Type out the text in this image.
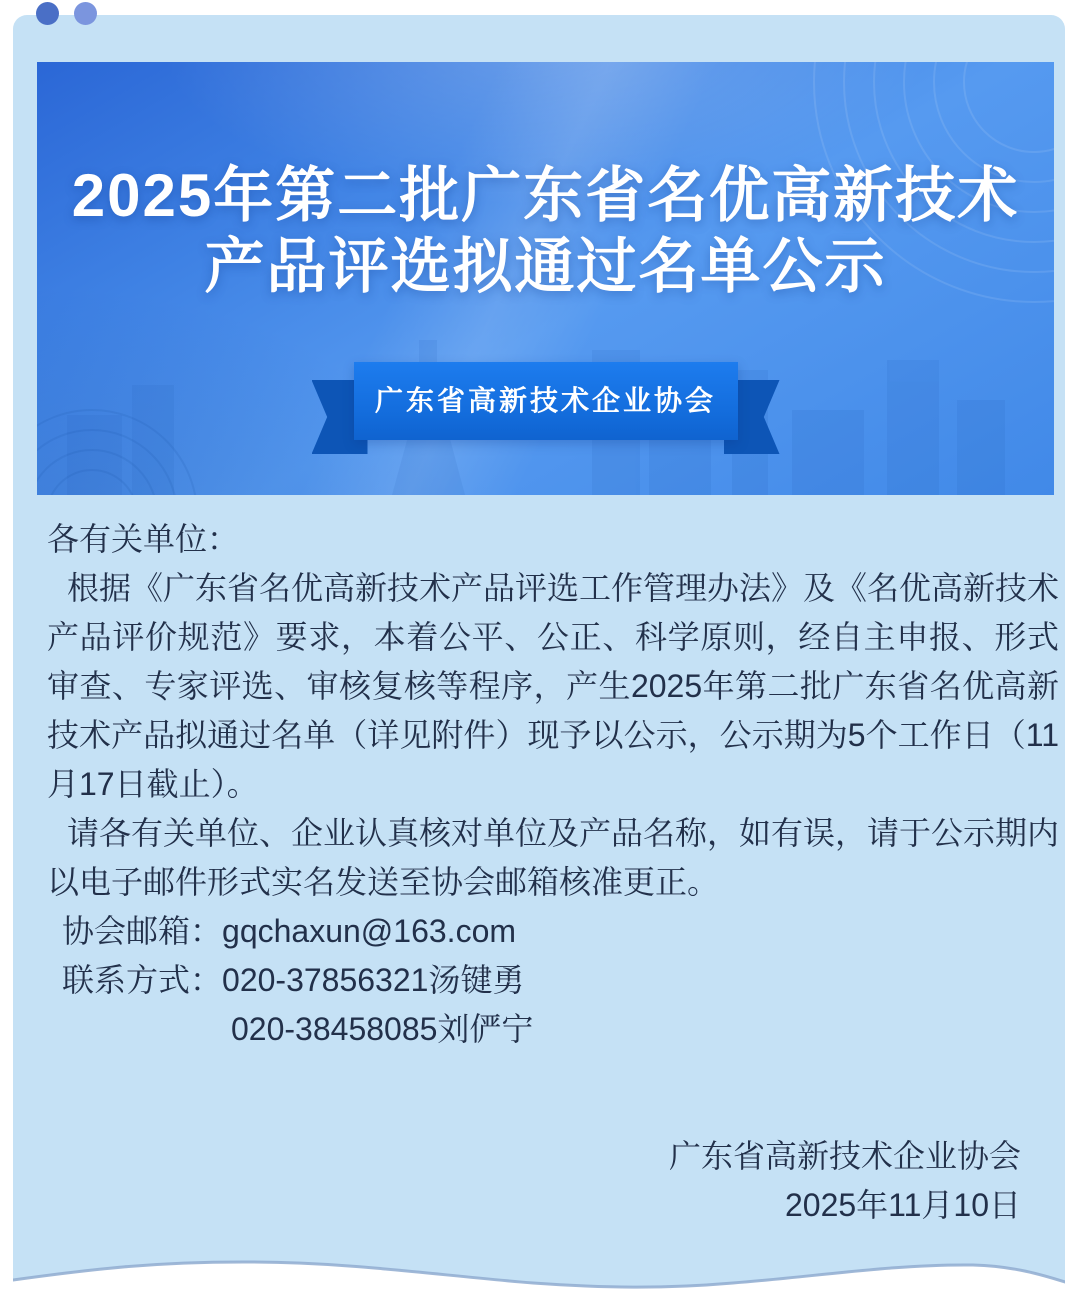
2025年第二批广东省名优高新技术
产品评选拟通过名单公示
广东省高新技术企业协会

各有关单位：

根据《广东省名优高新技术产品评选工作管理办法》及《名优高新技术产品评价规范》要求，本着公平、公正、科学原则，经自主申报、形式审查、专家评选、审核复核等程序，产生2025年第二批广东省名优高新技术产品拟通过名单（详见附件）现予以公示，公示期为5个工作日（11月17日截止）。

请各有关单位、企业认真核对单位及产品名称，如有误，请于公示期内以电子邮件形式实名发送至协会邮箱核准更正。

协会邮箱：gqchaxun@163.com

联系方式：020-37856321汤键勇

020-38458085刘俨宁

广东省高新技术企业协会

2025年11月10日
